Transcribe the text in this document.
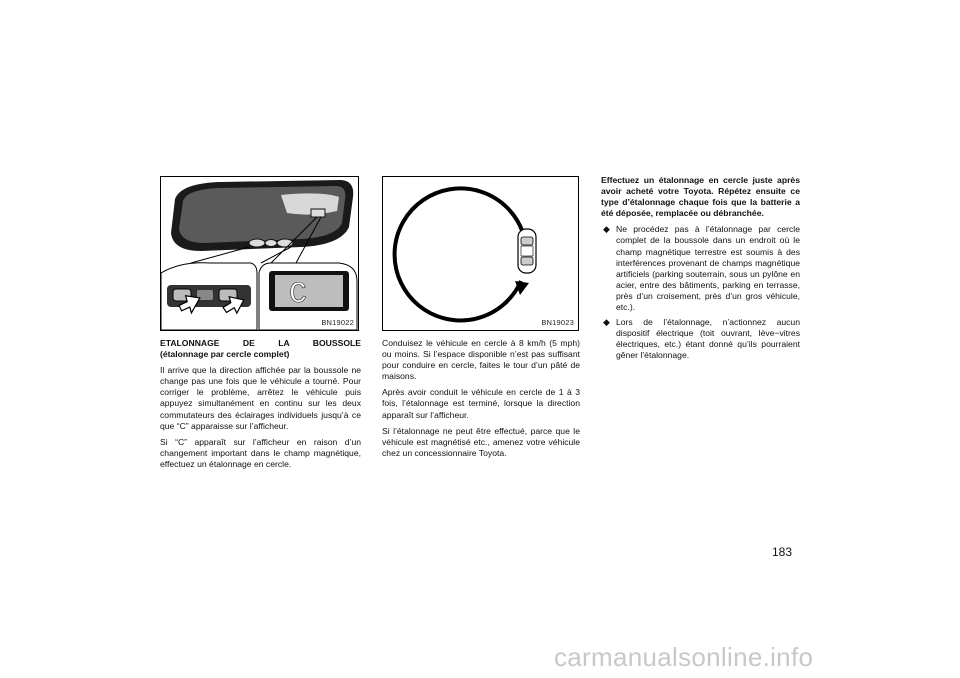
C
BN19022	BN19023
ETALONNAGE DE LA BOUSSOLE
(étalonnage par cercle complet)

Il arrive que la direction affichée par la boussole ne change pas une fois que le véhicule a tourné. Pour corriger le problème, arrêtez le véhicule puis appuyez simultanément en continu sur les deux commutateurs des éclairages individuels jusqu’à ce que “C” apparaisse sur l’afficheur.

Si “C” apparaît sur l’afficheur en raison d’un changement important dans le champ magnétique, effectuez un étalonnage en cercle.

Conduisez le véhicule en cercle à 8 km/h (5 mph) ou moins. Si l’espace disponible n’est pas suffisant pour conduire en cercle, faites le tour d’un pâté de maisons.

Après avoir conduit le véhicule en cercle de 1 à 3 fois, l’étalonnage est terminé, lorsque la direction apparaît sur l’afficheur.

Si l’étalonnage ne peut être effectué, parce que le véhicule est magnétisé etc., amenez votre véhicule chez un concessionnaire Toyota.

Effectuez un étalonnage en cercle juste après avoir acheté votre Toyota. Répétez ensuite ce type d’étalonnage chaque fois que la batterie a été déposée, remplacée ou débranchée.

◆ Ne procédez pas à l’étalonnage par cercle complet de la boussole dans un endroit où le champ magnétique terrestre est soumis à des interférences provenant de champs magnétique artificiels (parking souterrain, sous un pylône en acier, entre des bâtiments, parking en terrasse, près d’un croisement, près d’un gros véhicule, etc.).
◆ Lors de l’étalonnage, n’actionnez aucun dispositif électrique (toit ouvrant, lève−vitres électriques, etc.) étant donné qu’ils pourraient gêner l’étalonnage.
183
carmanualsonline.info
